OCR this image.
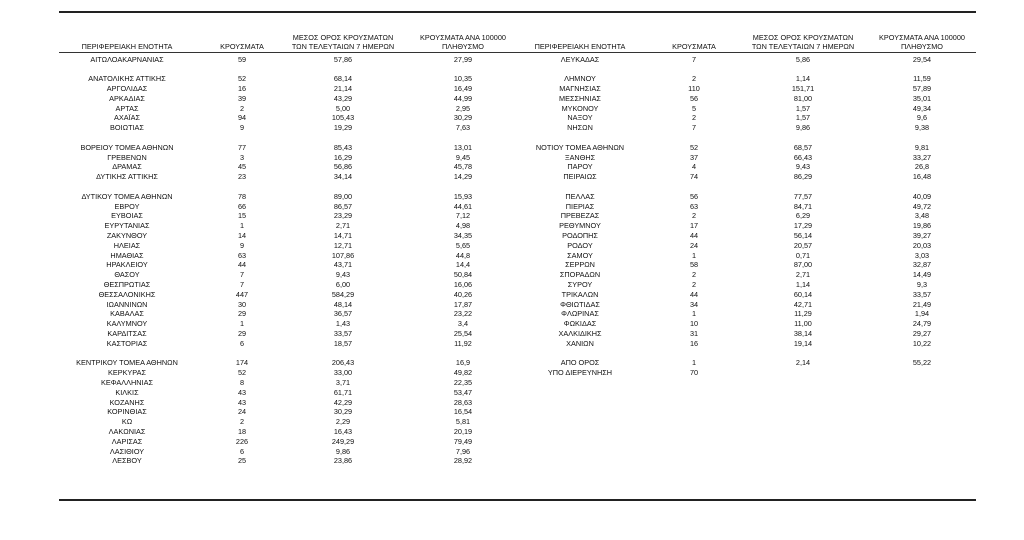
ΠΕΡΙΦΕΡΕΙΑΚΗ ΕΝΟΤΗΤΑ	ΚΡΟΥΣΜΑΤΑ
ΜΕΣΟΣ ΟΡΟΣ ΚΡΟΥΣΜΑΤΩΝ
ΤΩΝ ΤΕΛΕΥΤΑΙΩΝ 7 ΗΜΕΡΩΝ
ΚΡΟΥΣΜΑΤΑ ΑΝΑ 100000
ΠΛΗΘΥΣΜΟ
ΑΙΤΩΛΟΑΚΑΡΝΑΝΙΑΣ	59	57,86	27,99
ΑΝΑΤΟΛΙΚΗΣ ΑΤΤΙΚΗΣ	52	68,14	10,35
ΑΡΓΟΛΙΔΑΣ	16	21,14	16,49
ΑΡΚΑΔΙΑΣ	39	43,29	44,99
ΑΡΤΑΣ	2	5,00	2,95
ΑΧΑΪΑΣ	94	105,43	30,29
ΒΟΙΩΤΙΑΣ	9	19,29	7,63
ΒΟΡΕΙΟΥ ΤΟΜΕΑ ΑΘΗΝΩΝ	77	85,43	13,01
ΓΡΕΒΕΝΩΝ	3	16,29	9,45
ΔΡΑΜΑΣ	45	56,86	45,78
ΔΥΤΙΚΗΣ ΑΤΤΙΚΗΣ	23	34,14	14,29
ΔΥΤΙΚΟΥ ΤΟΜΕΑ ΑΘΗΝΩΝ	78	89,00	15,93
ΕΒΡΟΥ	66	86,57	44,61
ΕΥΒΟΙΑΣ	15	23,29	7,12
ΕΥΡΥΤΑΝΙΑΣ	1	2,71	4,98
ΖΑΚΥΝΘΟΥ	14	14,71	34,35
ΗΛΕΙΑΣ	9	12,71	5,65
ΗΜΑΘΙΑΣ	63	107,86	44,8
ΗΡΑΚΛΕΙΟΥ	44	43,71	14,4
ΘΑΣΟΥ	7	9,43	50,84
ΘΕΣΠΡΩΤΙΑΣ	7	6,00	16,06
ΘΕΣΣΑΛΟΝΙΚΗΣ	447	584,29	40,26
ΙΩΑΝΝΙΝΩΝ	30	48,14	17,87
ΚΑΒΑΛΑΣ	29	36,57	23,22
ΚΑΛΥΜΝΟΥ	1	1,43	3,4
ΚΑΡΔΙΤΣΑΣ	29	33,57	25,54
ΚΑΣΤΟΡΙΑΣ	6	18,57	11,92
ΚΕΝΤΡΙΚΟΥ ΤΟΜΕΑ ΑΘΗΝΩΝ	174	206,43	16,9
ΚΕΡΚΥΡΑΣ	52	33,00	49,82
ΚΕΦΑΛΛΗΝΙΑΣ	8	3,71	22,35
ΚΙΛΚΙΣ	43	61,71	53,47
ΚΟΖΑΝΗΣ	43	42,29	28,63
ΚΟΡΙΝΘΙΑΣ	24	30,29	16,54
ΚΩ	2	2,29	5,81
ΛΑΚΩΝΙΑΣ	18	16,43	20,19
ΛΑΡΙΣΑΣ	226	249,29	79,49
ΛΑΣΙΘΙΟΥ	6	9,86	7,96
ΛΕΣΒΟΥ	25	23,86	28,92
ΠΕΡΙΦΕΡΕΙΑΚΗ ΕΝΟΤΗΤΑ	ΚΡΟΥΣΜΑΤΑ
ΜΕΣΟΣ ΟΡΟΣ ΚΡΟΥΣΜΑΤΩΝ
ΤΩΝ ΤΕΛΕΥΤΑΙΩΝ 7 ΗΜΕΡΩΝ
ΚΡΟΥΣΜΑΤΑ ΑΝΑ 100000
ΠΛΗΘΥΣΜΟ
ΛΕΥΚΑΔΑΣ	7	5,86	29,54
ΛΗΜΝΟΥ	2	1,14	11,59
ΜΑΓΝΗΣΙΑΣ	110	151,71	57,89
ΜΕΣΣΗΝΙΑΣ	56	81,00	35,01
ΜΥΚΟΝΟΥ	5	1,57	49,34
ΝΑΞΟΥ	2	1,57	9,6
ΝΗΣΩΝ	7	9,86	9,38
ΝΟΤΙΟΥ ΤΟΜΕΑ ΑΘΗΝΩΝ	52	68,57	9,81
ΞΑΝΘΗΣ	37	66,43	33,27
ΠΑΡΟΥ	4	9,43	26,8
ΠΕΙΡΑΙΩΣ	74	86,29	16,48
ΠΕΛΛΑΣ	56	77,57	40,09
ΠΙΕΡΙΑΣ	63	84,71	49,72
ΠΡΕΒΕΖΑΣ	2	6,29	3,48
ΡΕΘΥΜΝΟΥ	17	17,29	19,86
ΡΟΔΟΠΗΣ	44	56,14	39,27
ΡΟΔΟΥ	24	20,57	20,03
ΣΑΜΟΥ	1	0,71	3,03
ΣΕΡΡΩΝ	58	87,00	32,87
ΣΠΟΡΑΔΩΝ	2	2,71	14,49
ΣΥΡΟΥ	2	1,14	9,3
ΤΡΙΚΑΛΩΝ	44	60,14	33,57
ΦΘΙΩΤΙΔΑΣ	34	42,71	21,49
ΦΛΩΡΙΝΑΣ	1	11,29	1,94
ΦΩΚΙΔΑΣ	10	11,00	24,79
ΧΑΛΚΙΔΙΚΗΣ	31	38,14	29,27
ΧΑΝΙΩΝ	16	19,14	10,22
ΑΠΟ ΟΡΟΣ	1	2,14	55,22
ΥΠΟ ΔΙΕΡΕΥΝΗΣΗ	70
